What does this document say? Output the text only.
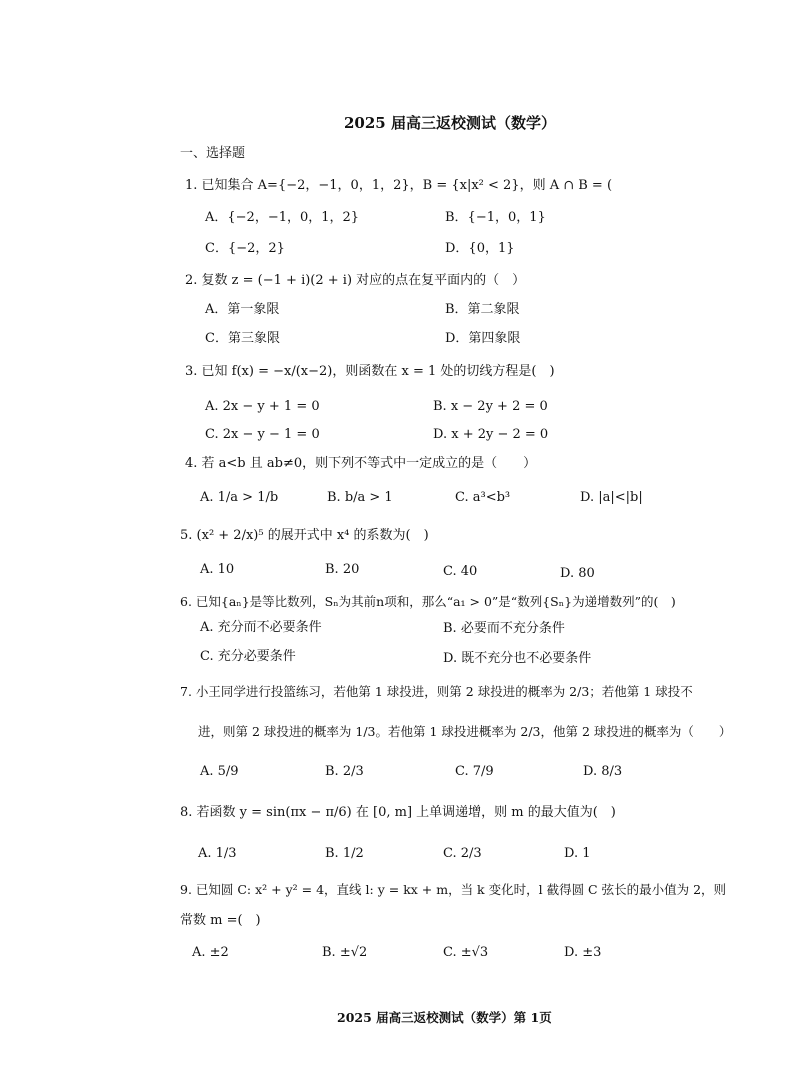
2025 届高三返校测试（数学）
一、选择题
1. 已知集合 A={−2，−1，0，1，2}，B = {x|x² < 2}，则 A ∩ B = (
A．{−2，−1，0，1，2}	B．{−1，0，1}
C．{−2，2}	D．{0，1}
2. 复数 z = (−1 + i)(2 + i) 对应的点在复平面内的（　）
A．第一象限	B．第二象限
C．第三象限	D．第四象限
3. 已知 f(x) = −x/(x−2)，则函数在 x = 1 处的切线方程是(　)
A. 2x − y + 1 = 0	B. x − 2y + 2 = 0
C. 2x − y − 1 = 0	D. x + 2y − 2 = 0
4. 若 a<b 且 ab≠0，则下列不等式中一定成立的是（　　）
A. 1/a > 1/b	B. b/a > 1	C. a³<b³	D. |a|<|b|
5. (x² + 2/x)⁵ 的展开式中 x⁴ 的系数为(　)
A. 10	B. 20	C. 40	D. 80
6. 已知{aₙ}是等比数列，Sₙ为其前n项和，那么“a₁ > 0”是“数列{Sₙ}为递增数列”的(　)
A. 充分而不必要条件	B. 必要而不充分条件
C. 充分必要条件	D. 既不充分也不必要条件
7. 小王同学进行投篮练习，若他第 1 球投进，则第 2 球投进的概率为 2/3；若他第 1 球投不
进，则第 2 球投进的概率为 1/3。若他第 1 球投进概率为 2/3，他第 2 球投进的概率为（　　）
A. 5/9	B. 2/3	C. 7/9	D. 8/3
8. 若函数 y = sin(πx − π/6) 在 [0, m] 上单调递增，则 m 的最大值为(　)
A. 1/3	B. 1/2	C. 2/3	D. 1
9. 已知圆 C: x² + y² = 4，直线 l: y = kx + m，当 k 变化时，l 截得圆 C 弦长的最小值为 2，则
常数 m =(　)
A. ±2	B. ±√2	C. ±√3	D. ±3
2025 届高三返校测试（数学）第 1页
